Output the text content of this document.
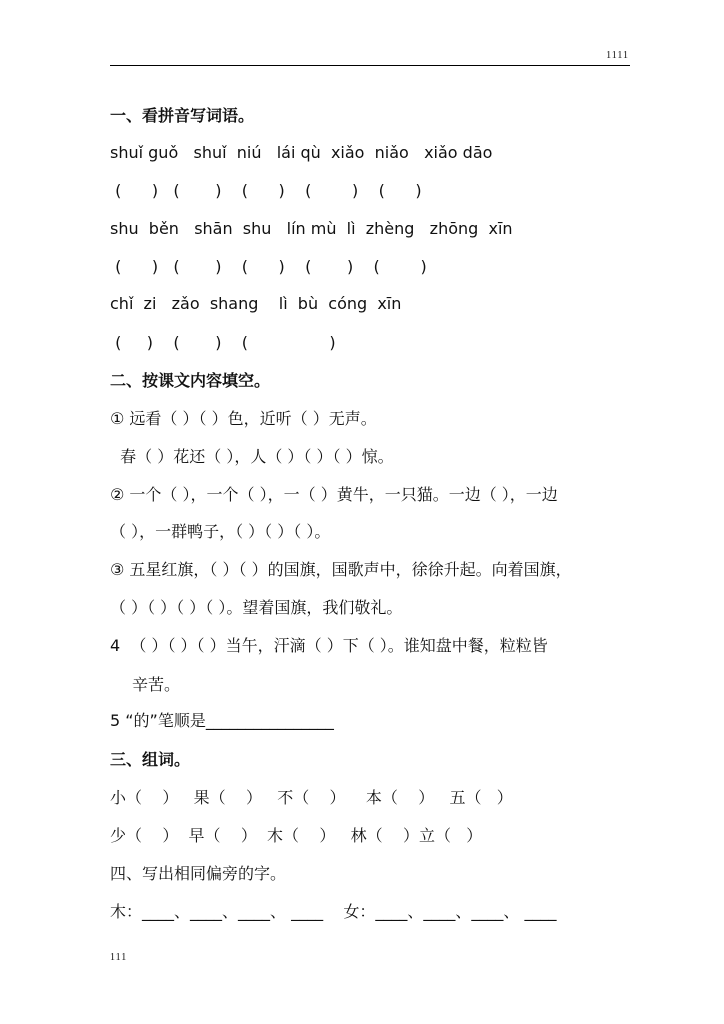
1111
一、看拼音写词语。
shuǐ guǒ   shuǐ  niú   lái qù  xiǎo  niǎo   xiǎo dāo
(      )   (       )    (      )    (        )    (      )
shu  běn   shān  shu   lín mù  lì  zhèng   zhōng  xīn
(      )   (       )    (      )    (       )    (        )
chǐ  zi   zǎo  shang    lì  bù  cóng  xīn
(     )    (       )    (                )
二、按课文内容填空。
① 远看（ ）（ ）色，近听（ ）无声。
春（ ）花还（ ），人（ ）（ ）（ ）惊。
② 一个（ ），一个（ ），一（ ）黄牛，一只猫。一边（ ），一边
（ ），一群鸭子，（ ）（ ）（ ）。
③ 五星红旗，（ ）（ ）的国旗，国歌声中，徐徐升起。向着国旗，
（ ）（ ）（ ）（ ）。望着国旗，我们敬礼。
4  （ ）（ ）（ ）当午，汗滴（ ）下（ ）。谁知盘中餐，粒粒皆
辛苦。
5 “的”笔顺是________________
三、组词。
小（    ）   果（    ）   不（    ）    本（    ）   五（   ）
少（    ）  早（    ）  木（    ）   林（    ）立（   ）
四、写出相同偏旁的字。
木：____、____、____、 ____    女：____、____、____、 ____
111
